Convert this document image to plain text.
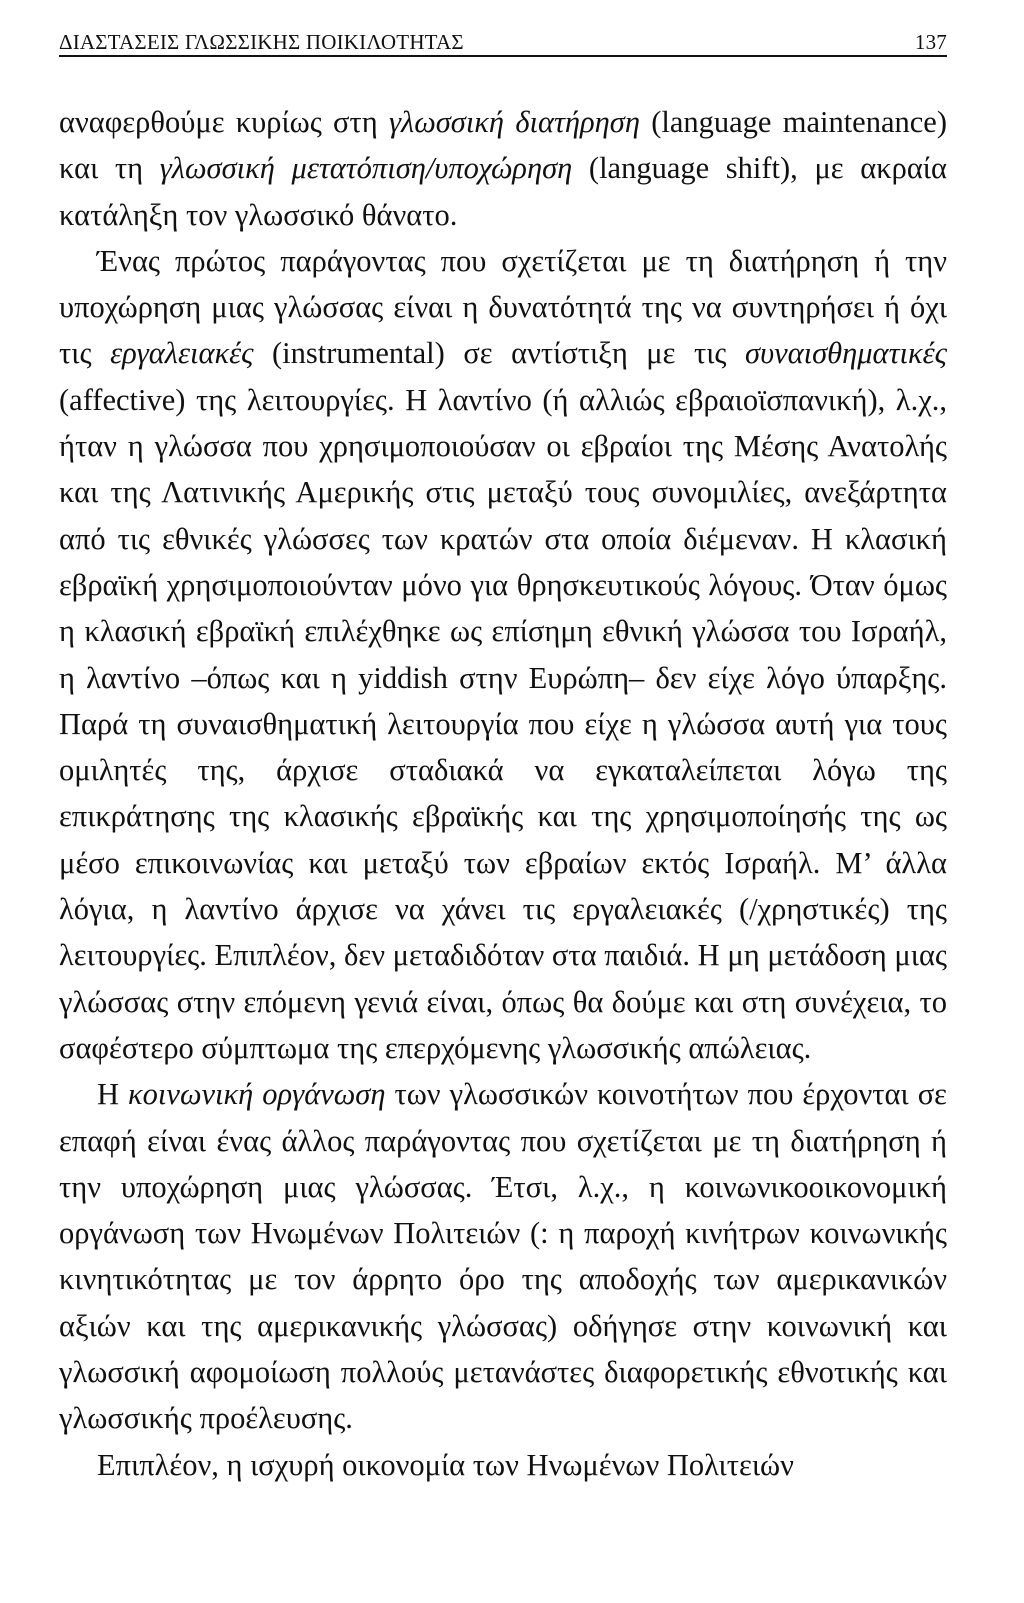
ΔΙΑΣΤΑΣΕΙΣ ΓΛΩΣΣΙΚΗΣ ΠΟΙΚΙΛΟΤΗΤΑΣ	137

αναφερθούμε κυρίως στη γλωσσική διατήρηση (language maintenance) και τη γλωσσική μετατόπιση/υποχώρηση (language shift), με ακραία κατάληξη τον γλωσσικό θάνατο.

Ένας πρώτος παράγοντας που σχετίζεται με τη διατήρηση ή την υποχώρηση μιας γλώσσας είναι η δυνατότητά της να συντηρήσει ή όχι τις εργαλειακές (instrumental) σε αντίστιξη με τις συναισθηματικές (affective) της λειτουργίες. Η λαντίνο (ή αλλιώς εβραιοϊσπανική), λ.χ., ήταν η γλώσσα που χρησιμοποιούσαν οι εβραίοι της Μέσης Ανατολής και της Λατινικής Αμερικής στις μεταξύ τους συνομιλίες, ανεξάρτητα από τις εθνικές γλώσσες των κρατών στα οποία διέμεναν. Η κλασική εβραϊκή χρησιμοποιούνταν μόνο για θρησκευτικούς λόγους. Όταν όμως η κλασική εβραϊκή επιλέχθηκε ως επίσημη εθνική γλώσσα του Ισραήλ, η λαντίνο –όπως και η yiddish στην Ευρώπη– δεν είχε λόγο ύπαρξης. Παρά τη συναισθηματική λειτουργία που είχε η γλώσσα αυτή για τους ομιλητές της, άρχισε σταδιακά να εγκαταλείπεται λόγω της επικράτησης της κλασικής εβραϊκής και της χρησιμοποίησής της ως μέσο επικοινωνίας και μεταξύ των εβραίων εκτός Ισραήλ. Μ’ άλλα λόγια, η λαντίνο άρχισε να χάνει τις εργαλειακές (/χρηστικές) της λειτουργίες. Επιπλέον, δεν μεταδιδόταν στα παιδιά. Η μη μετάδοση μιας γλώσσας στην επόμενη γενιά είναι, όπως θα δούμε και στη συνέχεια, το σαφέστερο σύμπτωμα της επερχόμενης γλωσσικής απώλειας.

Η κοινωνική οργάνωση των γλωσσικών κοινοτήτων που έρχονται σε επαφή είναι ένας άλλος παράγοντας που σχετίζεται με τη διατήρηση ή την υποχώρηση μιας γλώσσας. Έτσι, λ.χ., η κοινωνικοοικονομική οργάνωση των Ηνωμένων Πολιτειών (: η παροχή κινήτρων κοινωνικής κινητικότητας με τον άρρητο όρο της αποδοχής των αμερικανικών αξιών και της αμερικανικής γλώσσας) οδήγησε στην κοινωνική και γλωσσική αφομοίωση πολλούς μετανάστες διαφορετικής εθνοτικής και γλωσσικής προέλευσης.

Επιπλέον, η ισχυρή οικονομία των Ηνωμένων Πολιτειών
